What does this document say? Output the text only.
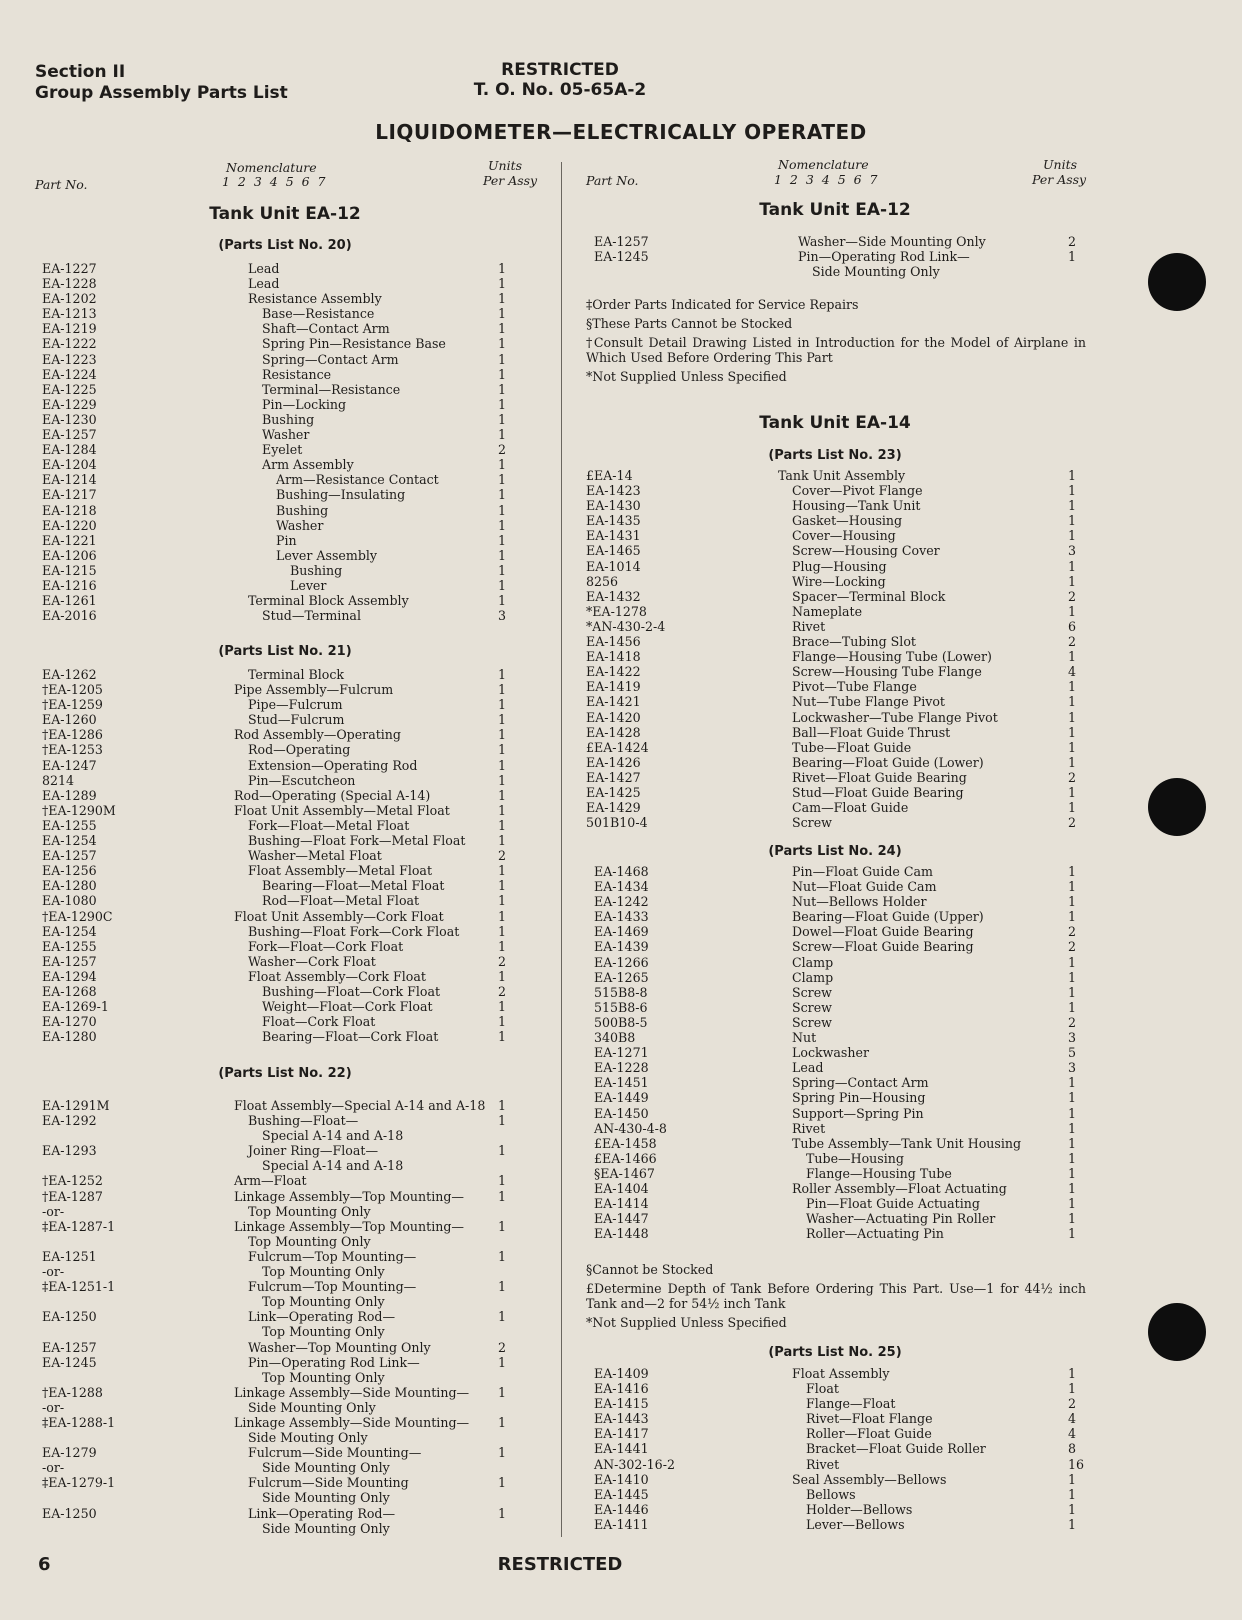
Section II
Group Assembly Parts List
RESTRICTED
T. O. No. 05-65A-2
LIQUIDOMETER—ELECTRICALLY OPERATED
Part No.
Nomenclature
1 2 3 4 5 6 7
Units
Per Assy	Part No.
Nomenclature
1 2 3 4 5 6 7
Units
Per Assy
Tank Unit EA-12
(Parts List No. 20)
EA-1227	Lead	1
EA-1228	Lead	1
EA-1202	Resistance Assembly	1
EA-1213	Base—Resistance	1
EA-1219	Shaft—Contact Arm	1
EA-1222	Spring Pin—Resistance Base	1
EA-1223	Spring—Contact Arm	1
EA-1224	Resistance	1
EA-1225	Terminal—Resistance	1
EA-1229	Pin—Locking	1
EA-1230	Bushing	1
EA-1257	Washer	1
EA-1284	Eyelet	2
EA-1204	Arm Assembly	1
EA-1214	Arm—Resistance Contact	1
EA-1217	Bushing—Insulating	1
EA-1218	Bushing	1
EA-1220	Washer	1
EA-1221	Pin	1
EA-1206	Lever Assembly	1
EA-1215	Bushing	1
EA-1216	Lever	1
EA-1261	Terminal Block Assembly	1
EA-2016	Stud—Terminal	3
(Parts List No. 21)
EA-1262	Terminal Block	1
†EA-1205	Pipe Assembly—Fulcrum	1
†EA-1259	Pipe—Fulcrum	1
EA-1260	Stud—Fulcrum	1
†EA-1286	Rod Assembly—Operating	1
†EA-1253	Rod—Operating	1
EA-1247	Extension—Operating Rod	1
8214	Pin—Escutcheon	1
EA-1289	Rod—Operating (Special A-14)	1
†EA-1290M	Float Unit Assembly—Metal Float	1
EA-1255	Fork—Float—Metal Float	1
EA-1254	Bushing—Float Fork—Metal Float	1
EA-1257	Washer—Metal Float	2
EA-1256	Float Assembly—Metal Float	1
EA-1280	Bearing—Float—Metal Float	1
EA-1080	Rod—Float—Metal Float	1
†EA-1290C	Float Unit Assembly—Cork Float	1
EA-1254	Bushing—Float Fork—Cork Float	1
EA-1255	Fork—Float—Cork Float	1
EA-1257	Washer—Cork Float	2
EA-1294	Float Assembly—Cork Float	1
EA-1268	Bushing—Float—Cork Float	2
EA-1269-1	Weight—Float—Cork Float	1
EA-1270	Float—Cork Float	1
EA-1280	Bearing—Float—Cork Float	1
(Parts List No. 22)
EA-1291M	Float Assembly—Special A-14 and A-18 1
EA-1292	Bushing—Float—	1
Special A-14 and A-18
EA-1293	Joiner Ring—Float—	1
Special A-14 and A-18
†EA-1252	Arm—Float	1
†EA-1287	Linkage Assembly—Top Mounting—	1
-or-	Top Mounting Only
‡EA-1287-1	Linkage Assembly—Top Mounting—	1
Top Mounting Only
EA-1251	Fulcrum—Top Mounting—	1
-or-	Top Mounting Only
‡EA-1251-1	Fulcrum—Top Mounting—	1
Top Mounting Only
EA-1250	Link—Operating Rod—	1
Top Mounting Only
EA-1257	Washer—Top Mounting Only	2
EA-1245	Pin—Operating Rod Link—	1
Top Mounting Only
†EA-1288	Linkage Assembly—Side Mounting— 1
-or-	Side Mounting Only
‡EA-1288-1	Linkage Assembly—Side Mounting— 1
Side Mouting Only
EA-1279	Fulcrum—Side Mounting—	1
-or-	Side Mounting Only
‡EA-1279-1	Fulcrum—Side Mounting	1
Side Mounting Only
EA-1250	Link—Operating Rod—	1
Side Mounting Only
Tank Unit EA-12
EA-1257	Washer—Side Mounting Only	2
EA-1245	Pin—Operating Rod Link—	1
Side Mounting Only
‡Order Parts Indicated for Service Repairs
§These Parts Cannot be Stocked
†Consult Detail Drawing Listed in Introduction for the Model of Airplane in Which Used Before Ordering This Part
*Not Supplied Unless Specified
Tank Unit EA-14
(Parts List No. 23)
£EA-14	Tank Unit Assembly	1
EA-1423	Cover—Pivot Flange	1
EA-1430	Housing—Tank Unit	1
EA-1435	Gasket—Housing	1
EA-1431	Cover—Housing	1
EA-1465	Screw—Housing Cover	3
EA-1014	Plug—Housing	1
8256	Wire—Locking	1
EA-1432	Spacer—Terminal Block	2
*EA-1278	Nameplate	1
*AN-430-2-4	Rivet	6
EA-1456	Brace—Tubing Slot	2
EA-1418	Flange—Housing Tube (Lower)	1
EA-1422	Screw—Housing Tube Flange	4
EA-1419	Pivot—Tube Flange	1
EA-1421	Nut—Tube Flange Pivot	1
EA-1420	Lockwasher—Tube Flange Pivot	1
EA-1428	Ball—Float Guide Thrust	1
£EA-1424	Tube—Float Guide	1
EA-1426	Bearing—Float Guide (Lower)	1
EA-1427	Rivet—Float Guide Bearing	2
EA-1425	Stud—Float Guide Bearing	1
EA-1429	Cam—Float Guide	1
501B10-4	Screw	2
(Parts List No. 24)
EA-1468	Pin—Float Guide Cam	1
EA-1434	Nut—Float Guide Cam	1
EA-1242	Nut—Bellows Holder	1
EA-1433	Bearing—Float Guide (Upper)	1
EA-1469	Dowel—Float Guide Bearing	2
EA-1439	Screw—Float Guide Bearing	2
EA-1266	Clamp	1
EA-1265	Clamp	1
515B8-8	Screw	1
515B8-6	Screw	1
500B8-5	Screw	2
340B8	Nut	3
EA-1271	Lockwasher	5
EA-1228	Lead	3
EA-1451	Spring—Contact Arm	1
EA-1449	Spring Pin—Housing	1
EA-1450	Support—Spring Pin	1
AN-430-4-8	Rivet	1
£EA-1458	Tube Assembly—Tank Unit Housing	1
£EA-1466	Tube—Housing	1
§EA-1467	Flange—Housing Tube	1
EA-1404	Roller Assembly—Float Actuating	1
EA-1414	Pin—Float Guide Actuating	1
EA-1447	Washer—Actuating Pin Roller	1
EA-1448	Roller—Actuating Pin	1
§Cannot be Stocked
£Determine Depth of Tank Before Ordering This Part. Use—1 for 44½ inch Tank and—2 for 54½ inch Tank
*Not Supplied Unless Specified
(Parts List No. 25)
EA-1409	Float Assembly	1
EA-1416	Float	1
EA-1415	Flange—Float	2
EA-1443	Rivet—Float Flange	4
EA-1417	Roller—Float Guide	4
EA-1441	Bracket—Float Guide Roller	8
AN-302-16-2	Rivet	16
EA-1410	Seal Assembly—Bellows	1
EA-1445	Bellows	1
EA-1446	Holder—Bellows	1
EA-1411	Lever—Bellows	1
6	RESTRICTED
